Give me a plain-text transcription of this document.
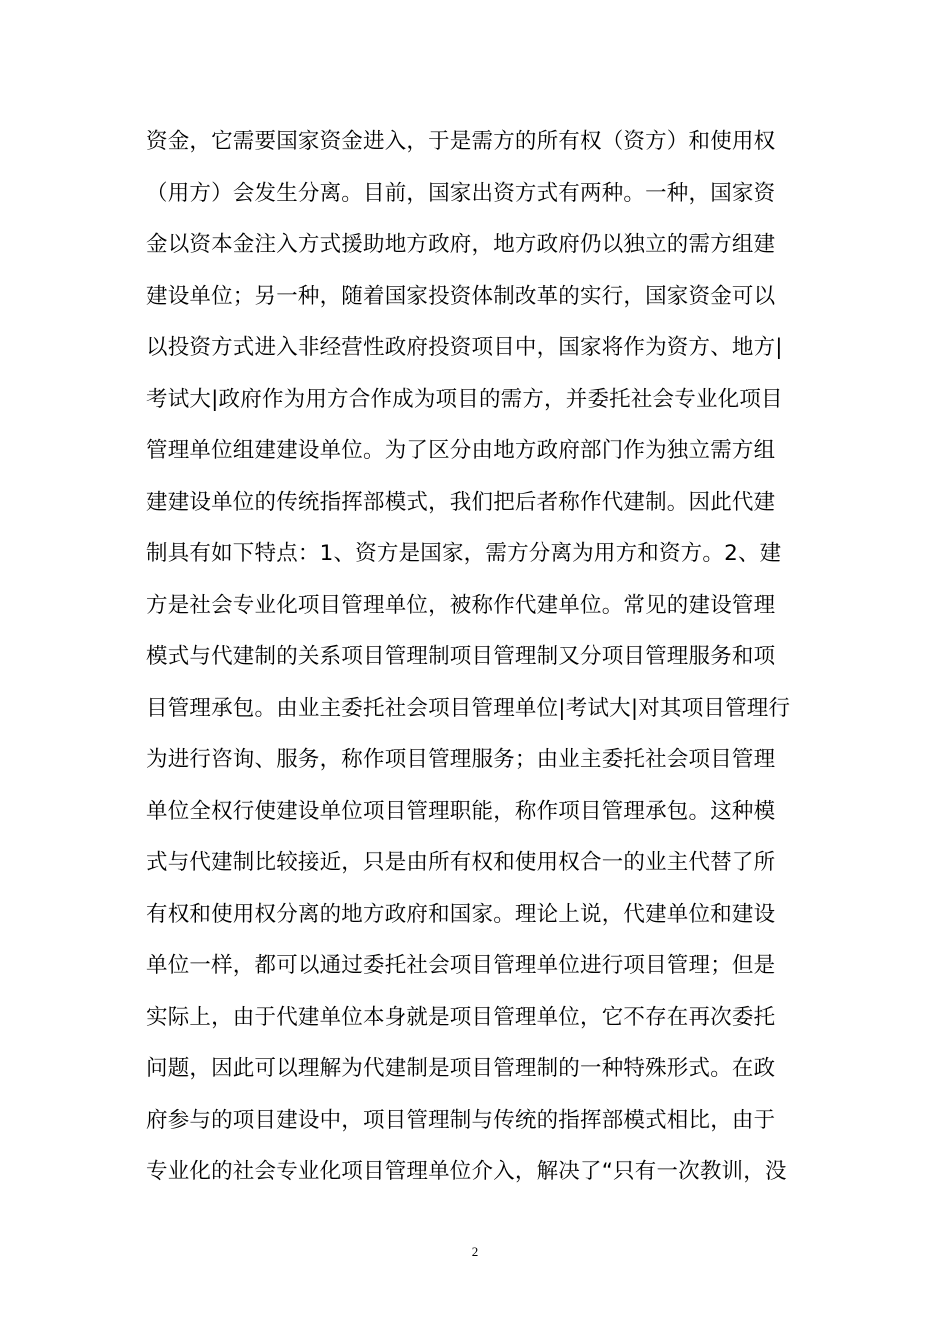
资金，它需要国家资金进入，于是需方的所有权（资方）和使用权
（用方）会发生分离。目前，国家出资方式有两种。一种，国家资
金以资本金注入方式援助地方政府，地方政府仍以独立的需方组建
建设单位；另一种，随着国家投资体制改革的实行，国家资金可以
以投资方式进入非经营性政府投资项目中，国家将作为资方、地方|
考试大|政府作为用方合作成为项目的需方，并委托社会专业化项目
管理单位组建建设单位。为了区分由地方政府部门作为独立需方组
建建设单位的传统指挥部模式，我们把后者称作代建制。因此代建
制具有如下特点：1、资方是国家，需方分离为用方和资方。2、建
方是社会专业化项目管理单位，被称作代建单位。常见的建设管理
模式与代建制的关系项目管理制项目管理制又分项目管理服务和项
目管理承包。由业主委托社会项目管理单位|考试大|对其项目管理行
为进行咨询、服务，称作项目管理服务；由业主委托社会项目管理
单位全权行使建设单位项目管理职能，称作项目管理承包。这种模
式与代建制比较接近，只是由所有权和使用权合一的业主代替了所
有权和使用权分离的地方政府和国家。理论上说，代建单位和建设
单位一样，都可以通过委托社会项目管理单位进行项目管理；但是
实际上，由于代建单位本身就是项目管理单位，它不存在再次委托
问题，因此可以理解为代建制是项目管理制的一种特殊形式。在政
府参与的项目建设中，项目管理制与传统的指挥部模式相比，由于
专业化的社会专业化项目管理单位介入，解决了“只有一次教训，没
2
